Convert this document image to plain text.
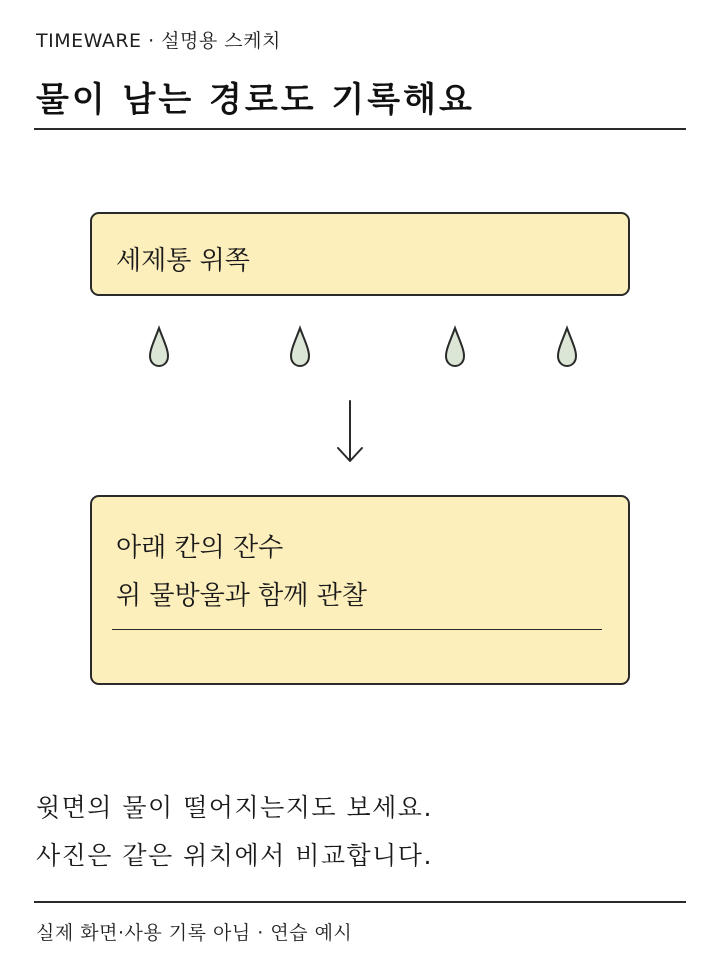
TIMEWARE · 설명용 스케치
물이 남는 경로도 기록해요
세제통 위쪽
아래 칸의 잔수
위 물방울과 함께 관찰
윗면의 물이 떨어지는지도 보세요.
사진은 같은 위치에서 비교합니다.
실제 화면·사용 기록 아님 · 연습 예시
